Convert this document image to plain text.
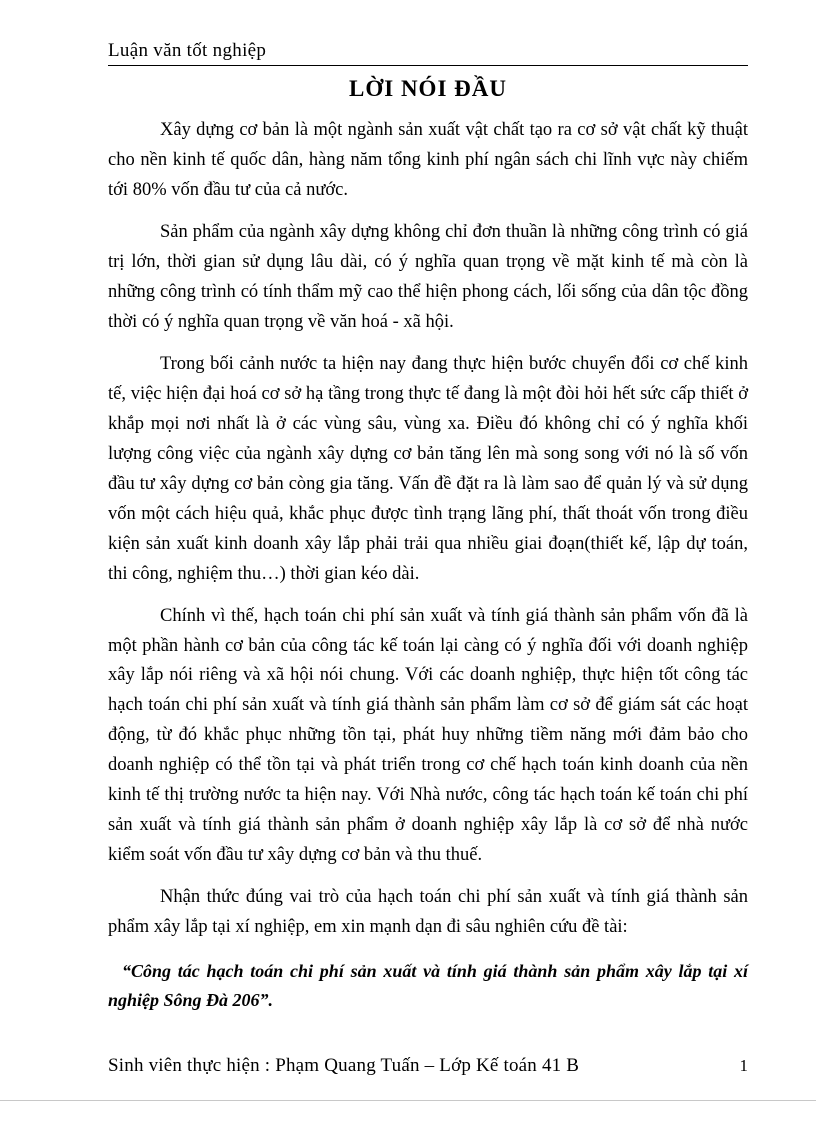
Luận văn tốt nghiệp
LỜI NÓI ĐẦU

Xây dựng cơ bản là một ngành sản xuất vật chất tạo ra cơ sở vật chất kỹ thuật cho nền kinh tế quốc dân, hàng năm tổng kinh phí ngân sách chi lĩnh vực này chiếm tới 80% vốn đầu tư của cả nước.

Sản phẩm của ngành xây dựng không chỉ đơn thuần là những công trình có giá trị lớn, thời gian sử dụng lâu dài, có ý nghĩa quan trọng về mặt kinh tế mà còn là những công trình có tính thẩm mỹ cao thể hiện phong cách, lối sống của dân tộc đồng thời có ý nghĩa quan trọng về văn hoá - xã hội.

Trong bối cảnh nước ta hiện nay đang thực hiện bước chuyển đổi cơ chế kinh tế, việc hiện đại hoá cơ sở hạ tầng trong thực tế đang là một đòi hỏi hết sức cấp thiết ở khắp mọi nơi nhất là ở các vùng sâu, vùng xa. Điều đó không chỉ có ý nghĩa khối lượng công việc của ngành xây dựng cơ bản tăng lên mà song song với nó là số vốn đầu tư xây dựng cơ bản còng gia tăng. Vấn đề đặt ra là làm sao để quản lý và sử dụng vốn một cách hiệu quả, khắc phục được tình trạng lãng phí, thất thoát vốn trong điều kiện sản xuất kinh doanh xây lắp phải trải qua nhiều giai đoạn(thiết kế, lập dự toán, thi công, nghiệm thu…) thời gian kéo dài.

Chính vì thế, hạch toán chi phí sản xuất và tính giá thành sản phẩm vốn đã là một phần hành cơ bản của công tác kế toán lại càng có ý nghĩa đối với doanh nghiệp xây lắp nói riêng và xã hội nói chung. Với các doanh nghiệp, thực hiện tốt công tác hạch toán chi phí sản xuất và tính giá thành sản phẩm làm cơ sở để giám sát các hoạt động, từ đó khắc phục những tồn tại, phát huy những tiềm năng mới đảm bảo cho doanh nghiệp có thể tồn tại và phát triển trong cơ chế hạch toán kinh doanh của nền kinh tế thị trường nước ta hiện nay. Với Nhà nước, công tác hạch toán kế toán chi phí sản xuất và tính giá thành sản phẩm ở doanh nghiệp xây lắp là cơ sở để nhà nước kiểm soát vốn đầu tư xây dựng cơ bản và thu thuế.

Nhận thức đúng vai trò của hạch toán chi phí sản xuất và tính giá thành sản phẩm xây lắp tại xí nghiệp, em xin mạnh dạn đi sâu nghiên cứu đề tài:

“Công tác hạch toán chi phí sản xuất và tính giá thành sản phẩm xây lắp tại xí nghiệp Sông Đà 206”.

Sinh viên thực hiện : Phạm Quang Tuấn – Lớp Kế toán 41 B	1
